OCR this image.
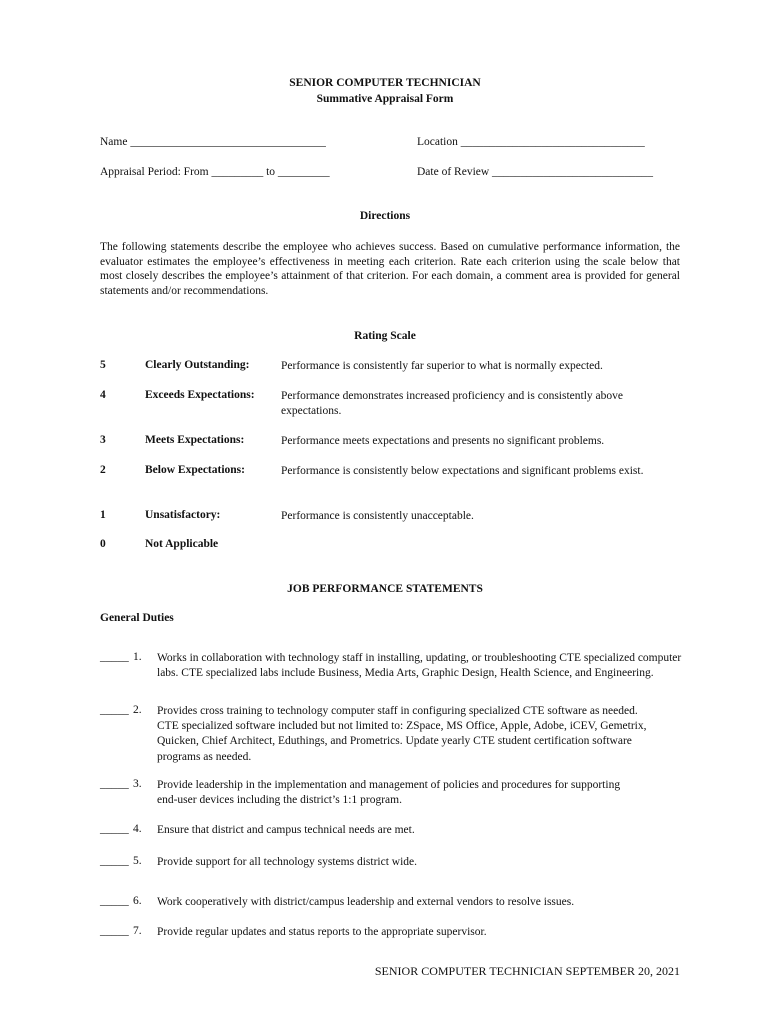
SENIOR COMPUTER TECHNICIAN
Summative Appraisal Form
Name __________________________________	Location ________________________________
Appraisal Period: From _________ to _________	Date of Review ____________________________
Directions
The following statements describe the employee who achieves success. Based on cumulative performance information, the evaluator estimates the employee’s effectiveness in meeting each criterion. Rate each criterion using the scale below that most closely describes the employee’s attainment of that criterion. For each domain, a comment area is provided for general statements and/or recommendations.
Rating Scale
5	Clearly Outstanding:	Performance is consistently far superior to what is normally expected.
4	Exceeds Expectations: Performance demonstrates increased proficiency and is consistently above expectations.
3	Meets Expectations:	Performance meets expectations and presents no significant problems.
2	Below Expectations:	Performance is consistently below expectations and significant problems exist.
1	Unsatisfactory:	Performance is consistently unacceptable.
0	Not Applicable
JOB PERFORMANCE STATEMENTS
General Duties
_____ 1. Works in collaboration with technology staff in installing, updating, or troubleshooting CTE specialized computer labs. CTE specialized labs include Business, Media Arts, Graphic Design, Health Science, and Engineering.
_____ 2. Provides cross training to technology computer staff in configuring specialized CTE software as needed. CTE specialized software included but not limited to: ZSpace, MS Office, Apple, Adobe, iCEV, Gemetrix, Quicken, Chief Architect, Eduthings, and Prometrics. Update yearly CTE student certification software programs as needed.
_____ 3. Provide leadership in the implementation and management of policies and procedures for supporting end-user devices including the district’s 1:1 program.
_____ 4. Ensure that district and campus technical needs are met.
_____ 5. Provide support for all technology systems district wide.
_____ 6. Work cooperatively with district/campus leadership and external vendors to resolve issues.
_____ 7. Provide regular updates and status reports to the appropriate supervisor.
SENIOR COMPUTER TECHNICIAN SEPTEMBER 20, 2021
